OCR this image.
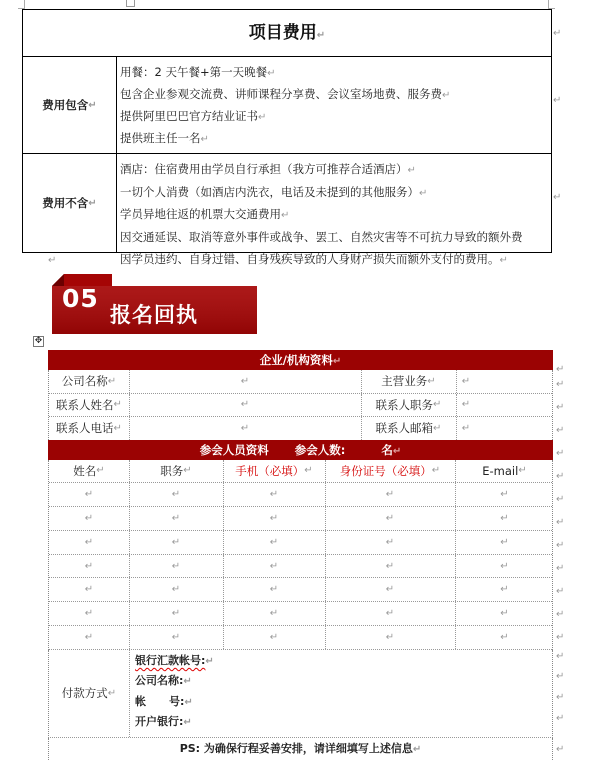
项目费用↵
费用包含 ↵
用餐：2 天午餐+第一天晚餐↵
包含企业参观交流费、讲师课程分享费、会议室场地费、服务费↵
提供阿里巴巴官方结业证书↵
提供班主任一名↵
费用不含 ↵
酒店：住宿费用由学员自行承担（我方可推荐合适酒店）↵
一切个人消费（如酒店内洗衣，电话及未提到的其他服务）↵
学员异地往返的机票大交通费用↵
因交通延误、取消等意外事件或战争、罢工、自然灾害等不可抗力导致的额外费
因学员违约、自身过错、自身残疾导致的人身财产损失而额外支付的费用。↵
↵
↵
↵
↵
05
报名回执
✥
企业/机构资料↵
公司名称 ↵	↵	主营业务 ↵	↵
联系人姓名 ↵	↵	联系人职务 ↵ ↵
联系人电话 ↵	↵	联系人邮箱 ↵ ↵
参会人员资料 参会人数:	名↵
姓名 ↵	职务 ↵	手机（必填） ↵ 身份证号（必填） ↵	E-mail ↵
↵	↵	↵	↵	↵
↵	↵	↵	↵	↵
↵	↵	↵	↵	↵
↵	↵	↵	↵	↵
↵	↵	↵	↵	↵
↵	↵	↵	↵	↵
↵	↵	↵	↵	↵
付款方式 ↵
银行汇款帐号:↵
公司名称:↵
帐      号:↵
开户银行:↵
PS: 为确保行程妥善安排，请详细填写上述信息↵
↵
↵
↵
↵
↵
↵
↵
↵
↵
↵
↵
↵
↵
↵
↵
↵
↵
↵
